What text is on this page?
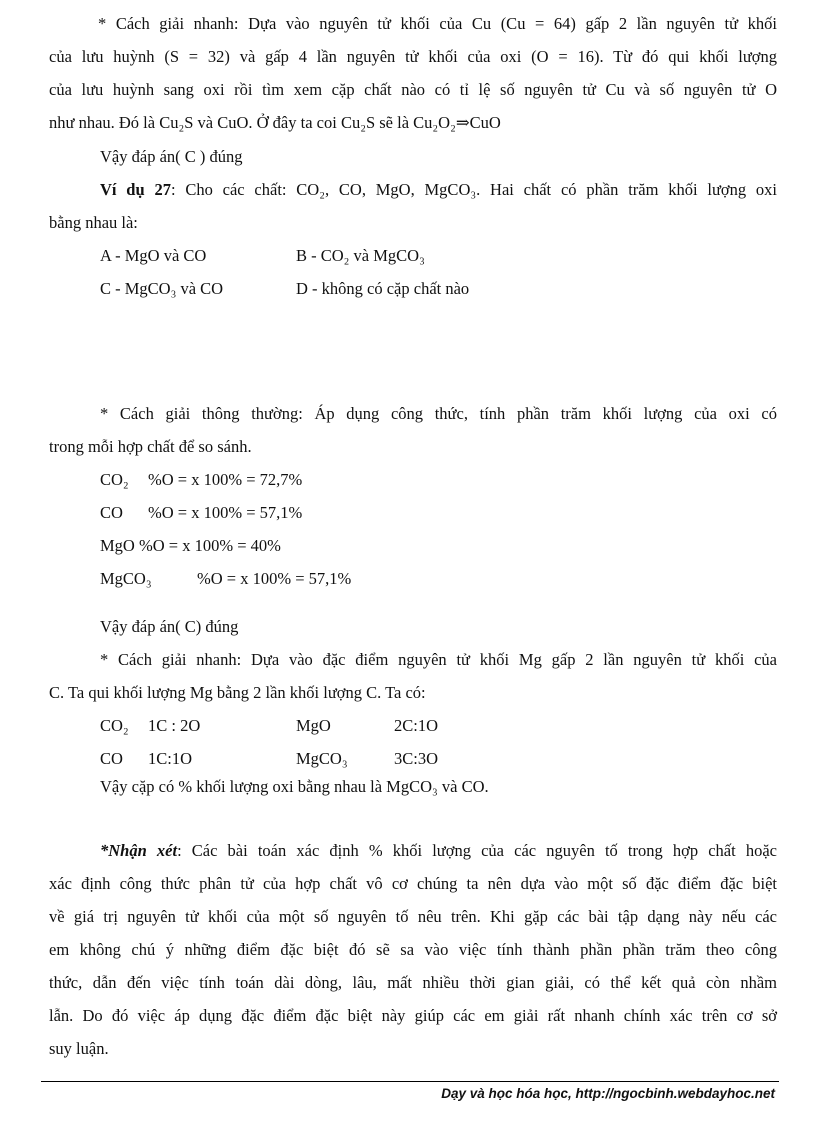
* Cách giải nhanh: Dựa vào nguyên tử khối của Cu (Cu = 64) gấp 2 lần nguyên tử khối
của lưu huỳnh (S = 32) và gấp 4 lần nguyên tử khối của oxi (O = 16). Từ đó qui khối lượng
của lưu huỳnh sang oxi rồi tìm xem cặp chất nào có tỉ lệ số nguyên tử Cu và số nguyên tử O
như nhau. Đó là Cu₂S và CuO. Ở đây ta coi Cu₂S sẽ là Cu₂O₂⇒CuO
Vậy đáp án( C ) đúng
Ví dụ 27: Cho các chất: CO₂, CO, MgO, MgCO₃. Hai chất có phần trăm khối lượng oxi
bằng nhau là:
A - MgO và CO	B - CO₂ và MgCO₃
C - MgCO₃ và CO	D - không có cặp chất nào
* Cách giải thông thường: Áp dụng công thức, tính phần trăm khối lượng của oxi có
trong mỗi hợp chất để so sánh.
CO₂ %O = x 100% = 72,7%
CO %O = x 100% = 57,1%
MgO %O = x 100% = 40%
MgCO₃	%O = x 100% = 57,1%
Vậy đáp án( C) đúng
* Cách giải nhanh: Dựa vào đặc điểm nguyên tử khối Mg gấp 2 lần nguyên tử khối của
C. Ta qui khối lượng Mg bằng 2 lần khối lượng C. Ta có:
CO₂ 1C : 2O	MgO	2C:1O
CO 1C:1O	MgCO₃	3C:3O
Vậy cặp có % khối lượng oxi bằng nhau là MgCO₃ và CO.
*Nhận xét: Các bài toán xác định % khối lượng của các nguyên tố trong hợp chất hoặc
xác định công thức phân tử của hợp chất vô cơ chúng ta nên dựa vào một số đặc điểm đặc biệt
về giá trị nguyên tử khối của một số nguyên tố nêu trên. Khi gặp các bài tập dạng này nếu các
em không chú ý những điểm đặc biệt đó sẽ sa vào việc tính thành phần phần trăm theo công
thức, dẫn đến việc tính toán dài dòng, lâu, mất nhiều thời gian giải, có thể kết quả còn nhầm
lẫn. Do đó việc áp dụng đặc điểm đặc biệt này giúp các em giải rất nhanh chính xác trên cơ sở
suy luận.
Dạy và học hóa học, http://ngocbinh.webdayhoc.net
